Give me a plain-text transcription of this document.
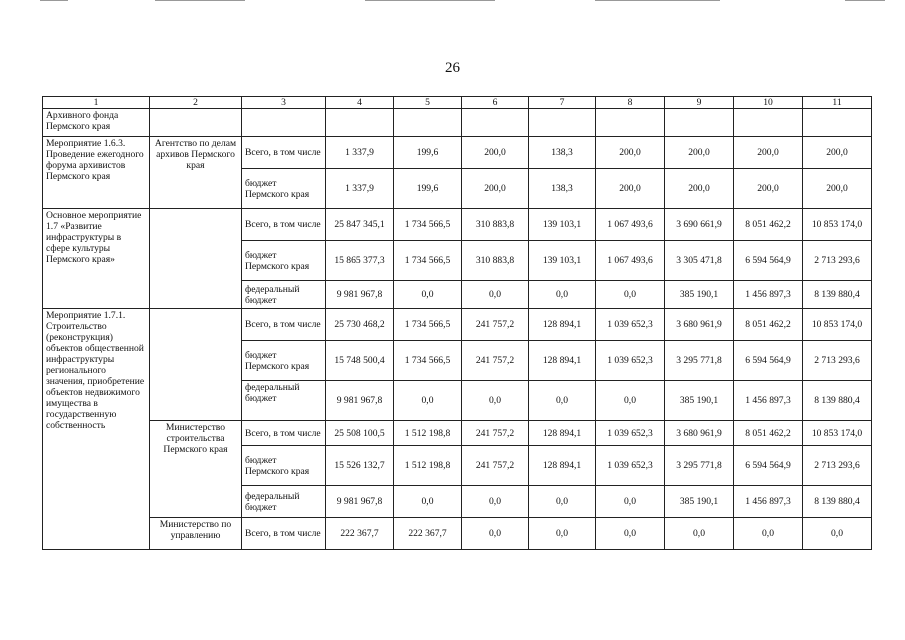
26
1	2	3	4	5	6	7	8	9	10	11
Архивного фонда Пермского края										
Мероприятие 1.6.3. Проведение ежегодного форума архивистов Пермского края	Агентство по делам архивов Пермского края	Всего, в том числе	1 337,9	199,6	200,0	138,3	200,0	200,0	200,0	200,0
		бюджет Пермского края	1 337,9	199,6	200,0	138,3	200,0	200,0	200,0	200,0
Основное мероприятие 1.7 «Развитие инфраструктуры в сфере культуры Пермского края»		Всего, в том числе	25 847 345,1	1 734 566,5	310 883,8	139 103,1	1 067 493,6	3 690 661,9	8 051 462,2	10 853 174,0
		бюджет Пермского края	15 865 377,3	1 734 566,5	310 883,8	139 103,1	1 067 493,6	3 305 471,8	6 594 564,9	2 713 293,6
		федеральный бюджет	9 981 967,8	0,0	0,0	0,0	0,0	385 190,1	1 456 897,3	8 139 880,4
Мероприятие 1.7.1. Строительство (реконструкция) объектов общественной инфраструктуры регионального значения, приобретение объектов недвижимого имущества в государственную собственность		Всего, в том числе	25 730 468,2	1 734 566,5	241 757,2	128 894,1	1 039 652,3	3 680 961,9	8 051 462,2	10 853 174,0
		бюджет Пермского края	15 748 500,4	1 734 566,5	241 757,2	128 894,1	1 039 652,3	3 295 771,8	6 594 564,9	2 713 293,6
		федеральный бюджет	9 981 967,8	0,0	0,0	0,0	0,0	385 190,1	1 456 897,3	8 139 880,4
	Министерство строительства Пермского края	Всего, в том числе	25 508 100,5	1 512 198,8	241 757,2	128 894,1	1 039 652,3	3 680 961,9	8 051 462,2	10 853 174,0
		бюджет Пермского края	15 526 132,7	1 512 198,8	241 757,2	128 894,1	1 039 652,3	3 295 771,8	6 594 564,9	2 713 293,6
		федеральный бюджет	9 981 967,8	0,0	0,0	0,0	0,0	385 190,1	1 456 897,3	8 139 880,4
	Министерство по управлению	Всего, в том числе	222 367,7	222 367,7	0,0	0,0	0,0	0,0	0,0	0,0
